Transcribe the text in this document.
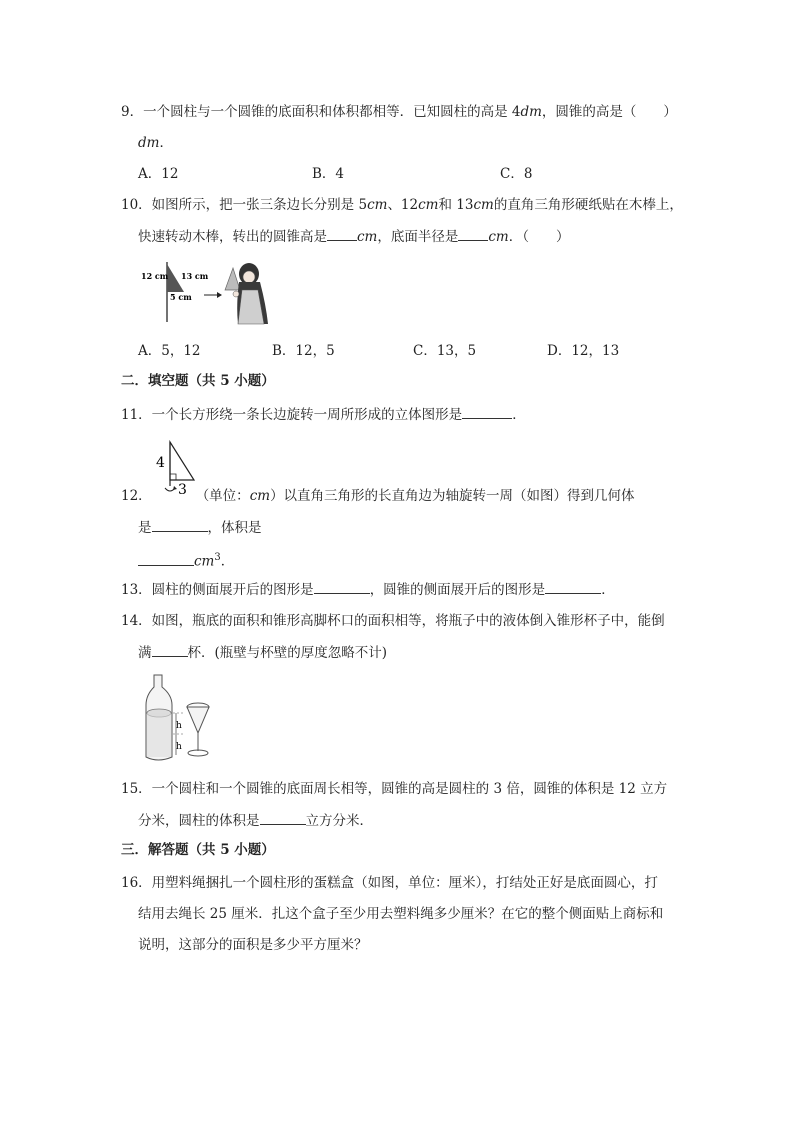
9．一个圆柱与一个圆锥的底面积和体积都相等．已知圆柱的高是 4dm，圆锥的高是（　　）
dm．
A．12	B．4	C．8
10．如图所示，把一张三条边长分别是 5cm、12cm和 13cm的直角三角形硬纸贴在木棒上，
快速转动木棒，转出的圆锥高是 cm，底面半径是 cm．（　　）
12 cm 13 cm
5 cm
A．5，12	B．12，5	C．13，5	D．12，13
二．填空题（共 5 小题）
11．一个长方形绕一条长边旋转一周所形成的立体图形是	．
4
3
12．	（单位：cm）以直角三角形的长直角边为轴旋转一周（如图）得到几何体
是	，体积是
$cm^3$．
13．圆柱的侧面展开后的图形是	，圆锥的侧面展开后的图形是	．
14．如图，瓶底的面积和锥形高脚杯口的面积相等，将瓶子中的液体倒入锥形杯子中，能倒
满	杯．(瓶壁与杯壁的厚度忽略不计)
h
h
15．一个圆柱和一个圆锥的底面周长相等，圆锥的高是圆柱的 3 倍，圆锥的体积是 12 立方
分米，圆柱的体积是	立方分米．
三．解答题（共 5 小题）
16．用塑料绳捆扎一个圆柱形的蛋糕盒（如图，单位：厘米），打结处正好是底面圆心，打
结用去绳长 25 厘米．扎这个盒子至少用去塑料绳多少厘米？在它的整个侧面贴上商标和
说明，这部分的面积是多少平方厘米？
